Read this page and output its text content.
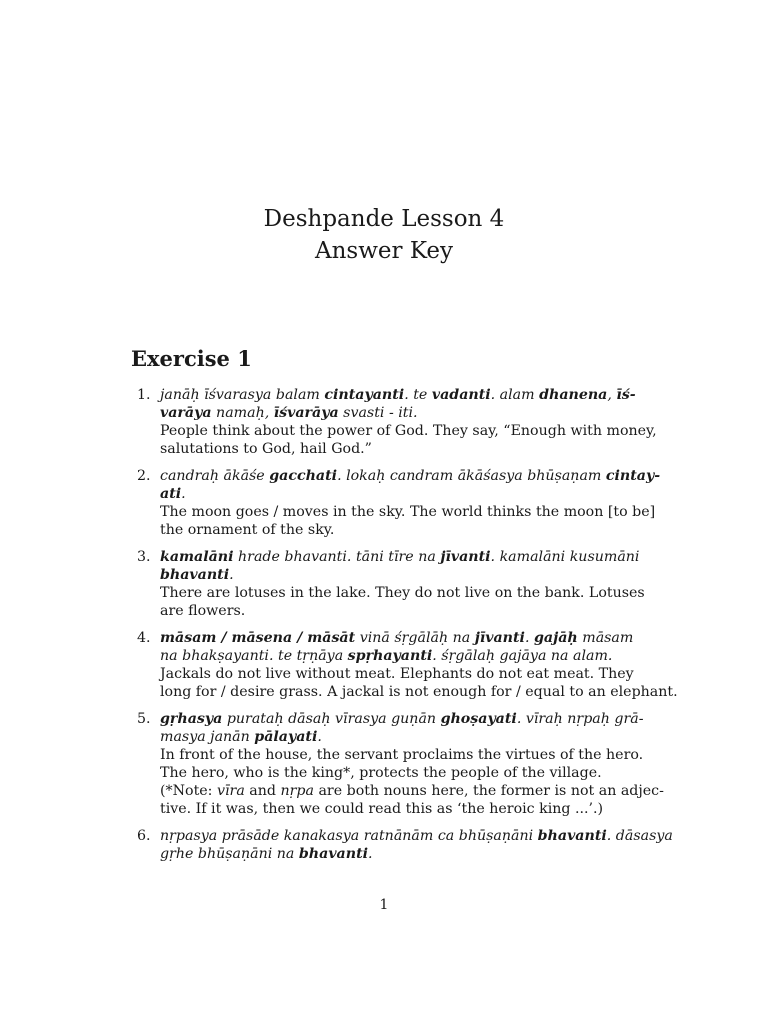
Deshpande Lesson 4
Answer Key
Exercise 1
1. janāḥ īśvarasya balam cintayanti. te vadanti. alam dhanena, īś-
varāya namaḥ, īśvarāya svasti - iti.
People think about the power of God. They say, “Enough with money,
salutations to God, hail God.”
2. candraḥ ākāśe gacchati. lokaḥ candram ākāśasya bhūṣaṇam cintay-
ati.
The moon goes / moves in the sky. The world thinks the moon [to be]
the ornament of the sky.
3. kamalāni hrade bhavanti. tāni tīre na jīvanti. kamalāni kusumāni
bhavanti.
There are lotuses in the lake. They do not live on the bank. Lotuses
are flowers.
4. māsam / māsena / māsāt vinā śṛgālāḥ na jīvanti. gajāḥ māsam
na bhakṣayanti. te tṛṇāya spṛhayanti. śṛgālaḥ gajāya na alam.
Jackals do not live without meat. Elephants do not eat meat. They
long for / desire grass. A jackal is not enough for / equal to an elephant.
5. gṛhasya purataḥ dāsaḥ vīrasya guṇān ghoṣayati. vīraḥ nṛpaḥ grā-
masya janān pālayati.
In front of the house, the servant proclaims the virtues of the hero.
The hero, who is the king*, protects the people of the village.
(*Note: vīra and nṛpa are both nouns here, the former is not an adjec-
tive. If it was, then we could read this as ‘the heroic king ...’.)
6. nṛpasya prāsāde kanakasya ratnānām ca bhūṣaṇāni bhavanti. dāsasya
gṛhe bhūṣaṇāni na bhavanti.
1
